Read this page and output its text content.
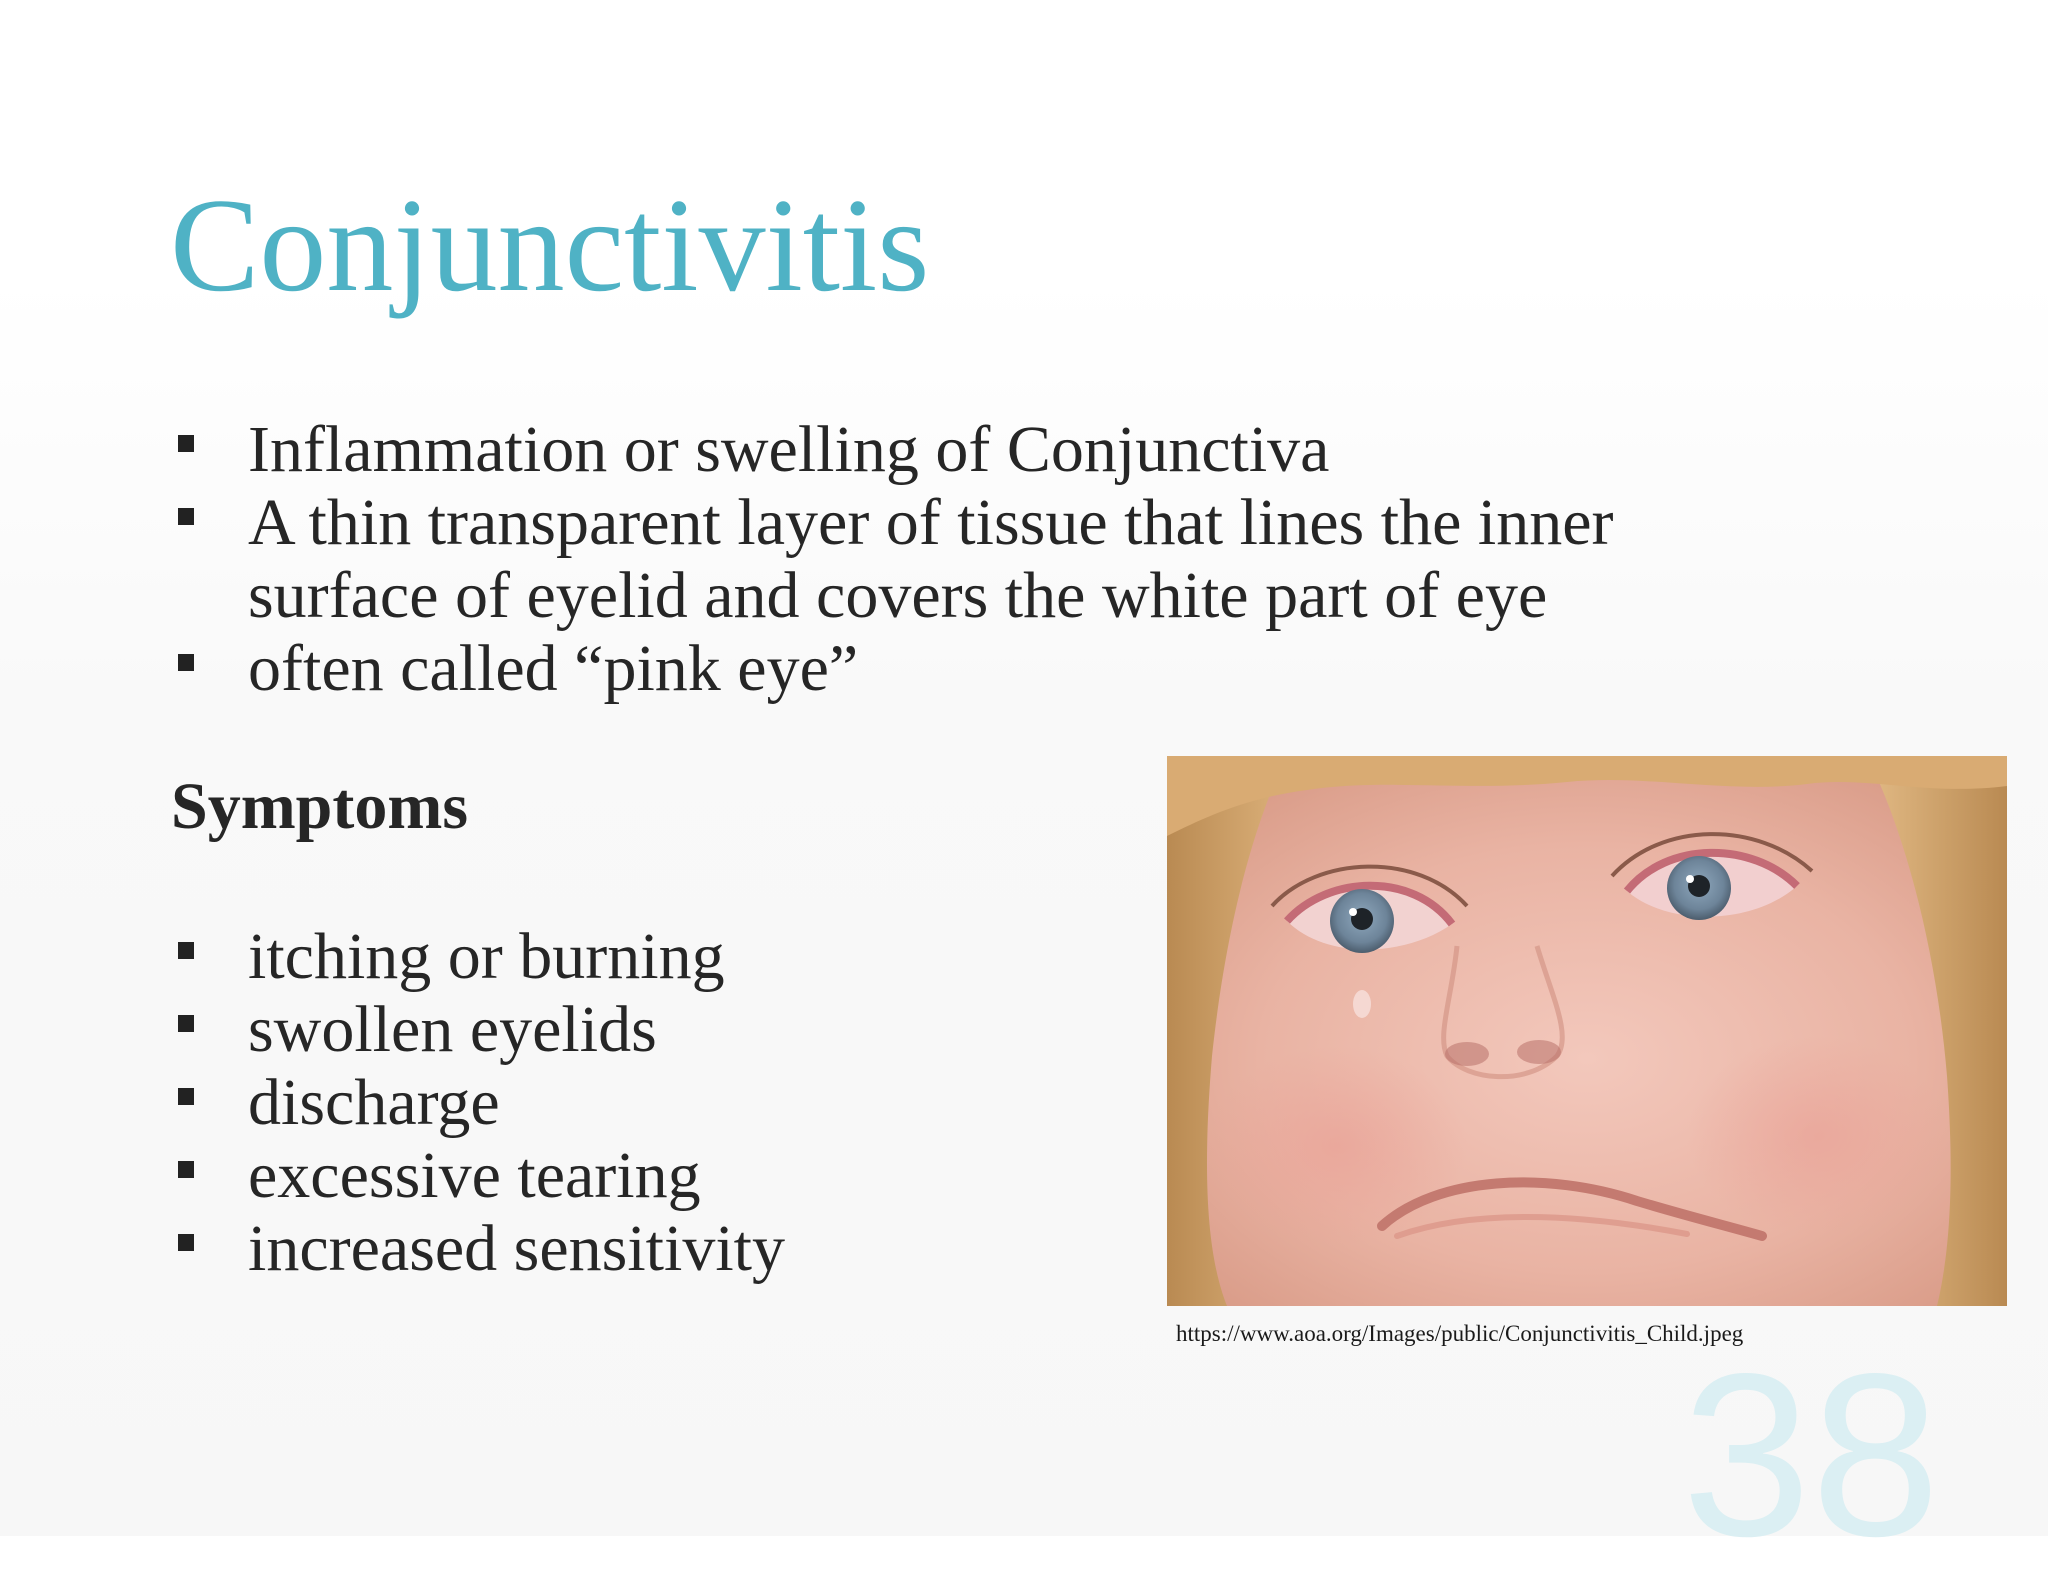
Conjunctivitis
Inflammation or swelling of Conjunctiva
A thin transparent layer of tissue that lines the inner surface of eyelid and covers the white part of eye
often called “pink eye”
Symptoms
itching or burning
swollen eyelids
discharge
excessive tearing
increased sensitivity
https://www.aoa.org/Images/public/Conjunctivitis_Child.jpeg
38
